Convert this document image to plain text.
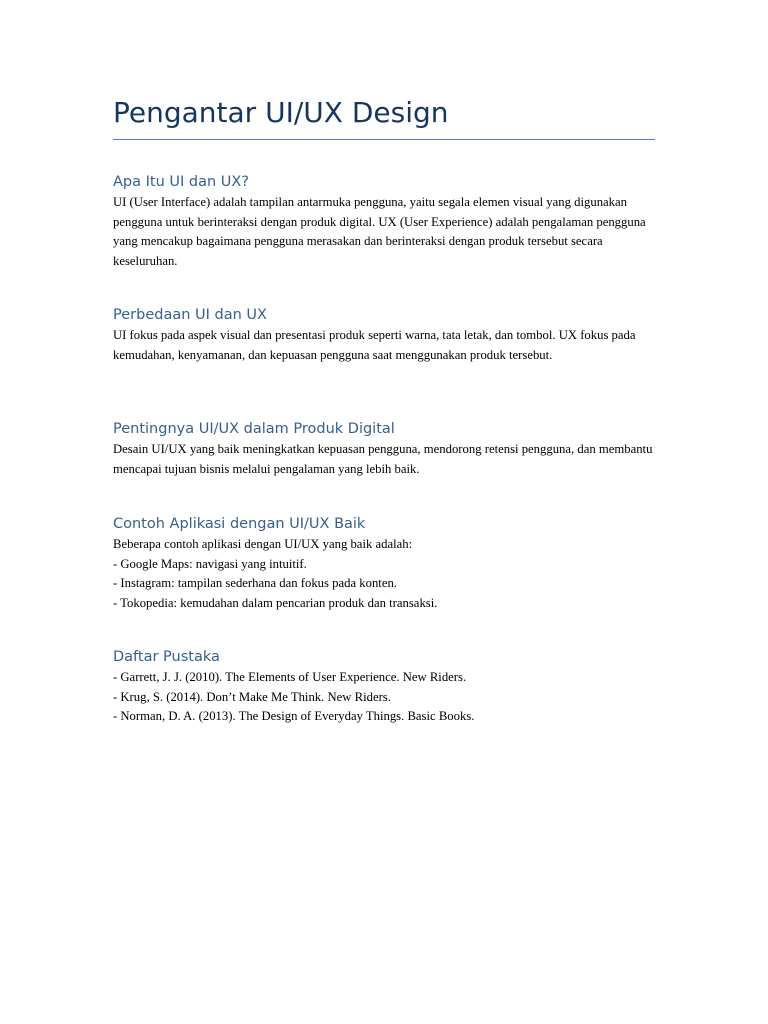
Pengantar UI/UX Design
Apa Itu UI dan UX?

UI (User Interface) adalah tampilan antarmuka pengguna, yaitu segala elemen visual yang digunakan pengguna untuk berinteraksi dengan produk digital. UX (User Experience) adalah pengalaman pengguna yang mencakup bagaimana pengguna merasakan dan berinteraksi dengan produk tersebut secara keseluruhan.

Perbedaan UI dan UX

UI fokus pada aspek visual dan presentasi produk seperti warna, tata letak, dan tombol. UX fokus pada kemudahan, kenyamanan, dan kepuasan pengguna saat menggunakan produk tersebut.

Pentingnya UI/UX dalam Produk Digital

Desain UI/UX yang baik meningkatkan kepuasan pengguna, mendorong retensi pengguna, dan membantu mencapai tujuan bisnis melalui pengalaman yang lebih baik.

Contoh Aplikasi dengan UI/UX Baik

Beberapa contoh aplikasi dengan UI/UX yang baik adalah:

- Google Maps: navigasi yang intuitif.

- Instagram: tampilan sederhana dan fokus pada konten.

- Tokopedia: kemudahan dalam pencarian produk dan transaksi.

Daftar Pustaka

- Garrett, J. J. (2010). The Elements of User Experience. New Riders.

- Krug, S. (2014). Don’t Make Me Think. New Riders.

- Norman, D. A. (2013). The Design of Everyday Things. Basic Books.
